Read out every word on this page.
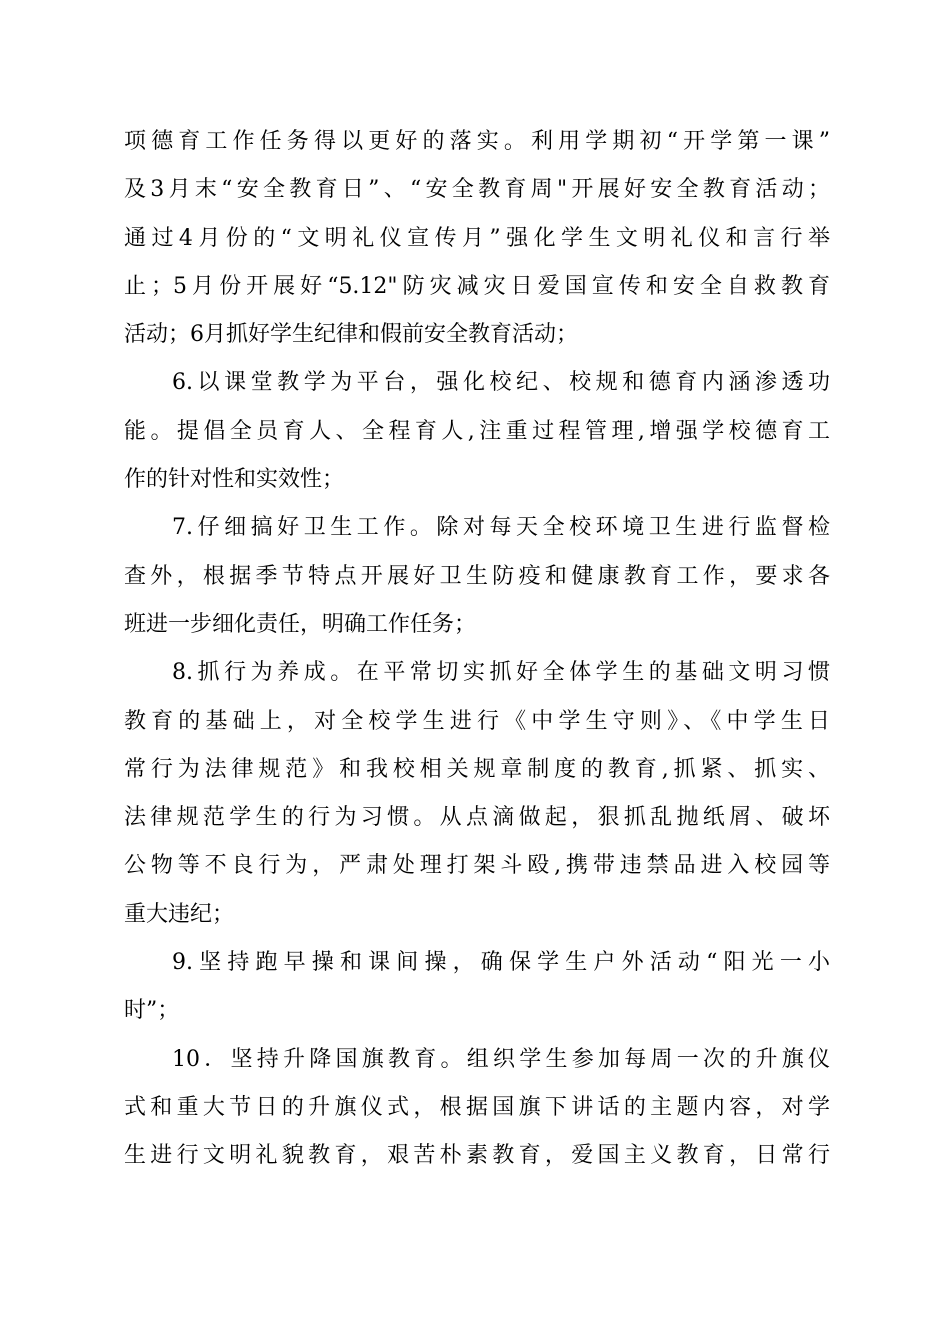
项德育工作任务得以更好的落实。利用学期初“开学第一课”
及3月末“安全教育日”、“安全教育周"开展好安全教育活动；
通过4月份的“文明礼仪宣传月”强化学生文明礼仪和言行举
止；5月份开展好“5.12"防灾减灾日爱国宣传和安全自救教育
活动；6月抓好学生纪律和假前安全教育活动；
6.以课堂教学为平台，强化校纪、校规和德育内涵渗透功
能。提倡全员育人、全程育人,注重过程管理,增强学校德育工
作的针对性和实效性；
7.仔细搞好卫生工作。除对每天全校环境卫生进行监督检
查外，根据季节特点开展好卫生防疫和健康教育工作，要求各
班进一步细化责任，明确工作任务；
8.抓行为养成。在平常切实抓好全体学生的基础文明习惯
教育的基础上，对全校学生进行《中学生守则》、《中学生日
常行为法律规范》和我校相关规章制度的教育,抓紧、抓实、
法律规范学生的行为习惯。从点滴做起，狠抓乱抛纸屑、破坏
公物等不良行为，严肃处理打架斗殴,携带违禁品进入校园等
重大违纪；
9.坚持跑早操和课间操，确保学生户外活动“阳光一小
时”；
10．坚持升降国旗教育。组织学生参加每周一次的升旗仪
式和重大节日的升旗仪式，根据国旗下讲话的主题内容，对学
生进行文明礼貌教育，艰苦朴素教育，爱国主义教育，日常行
